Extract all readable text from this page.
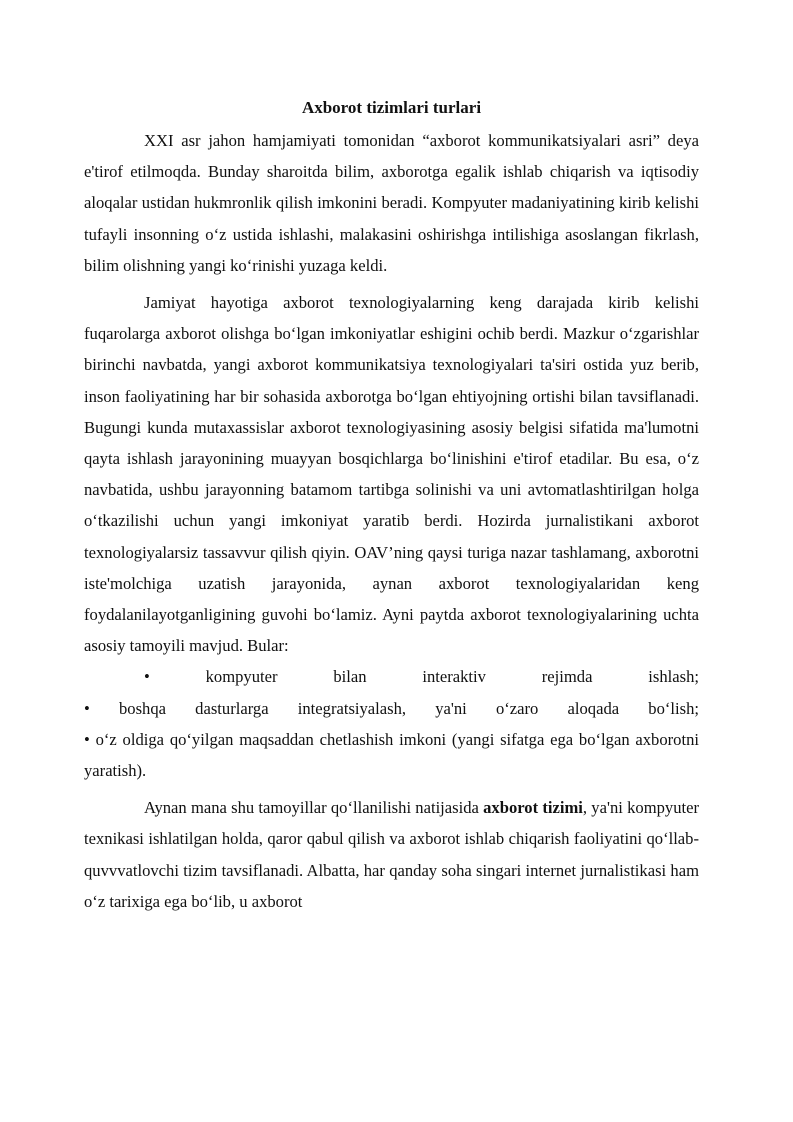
Axborot tizimlari turlari

XXI asr jahon hamjamiyati tomonidan “axborot kommunikatsiyalari asri” deya e'tirof etilmoqda. Bunday sharoitda bilim, axborotga egalik ishlab chiqarish va iqtisodiy aloqalar ustidan hukmronlik qilish imkonini beradi. Kompyuter madaniyatining kirib kelishi tufayli insonning o‘z ustida ishlashi, malakasini oshirishga intilishiga asoslangan fikrlash, bilim olishning yangi ko‘rinishi yuzaga keldi.

Jamiyat hayotiga axborot texnologiyalarning keng darajada kirib kelishi fuqarolarga axborot olishga bo‘lgan imkoniyatlar eshigini ochib berdi. Mazkur o‘zgarishlar birinchi navbatda, yangi axborot kommunikatsiya texnologiyalari ta'siri ostida yuz berib, inson faoliyatining har bir sohasida axborotga bo‘lgan ehtiyojning ortishi bilan tavsiflanadi. Bugungi kunda mutaxassislar axborot texnologiyasining asosiy belgisi sifatida ma'lumotni qayta ishlash jarayonining muayyan bosqichlarga bo‘linishini e'tirof etadilar. Bu esa, o‘z navbatida, ushbu jarayonning batamom tartibga solinishi va uni avtomatlashtirilgan holga o‘tkazilishi uchun yangi imkoniyat yaratib berdi. Hozirda jurnalistikani axborot texnologiyalarsiz tassavvur qilish qiyin. OAV’ning qaysi turiga nazar tashlamang, axborotni iste'molchiga uzatish jarayonida, aynan axborot texnologiyalaridan keng foydalanilayotganligining guvohi bo‘lamiz. Ayni paytda axborot texnologiyalarining uchta asosiy tamoyili mavjud. Bular:

• kompyuter bilan interaktiv rejimda ishlash;
• boshqa dasturlarga integratsiyalash, ya'ni o‘zaro aloqada bo‘lish;
• o‘z oldiga qo‘yilgan maqsaddan chetlashish imkoni (yangi sifatga ega bo‘lgan axborotni yaratish).

Aynan mana shu tamoyillar qo‘llanilishi natijasida axborot tizimi, ya'ni kompyuter texnikasi ishlatilgan holda, qaror qabul qilish va axborot ishlab chiqarish faoliyatini qo‘llab-quvvvatlovchi tizim tavsiflanadi. Albatta, har qanday soha singari internet jurnalistikasi ham o‘z tarixiga ega bo‘lib, u axborot
